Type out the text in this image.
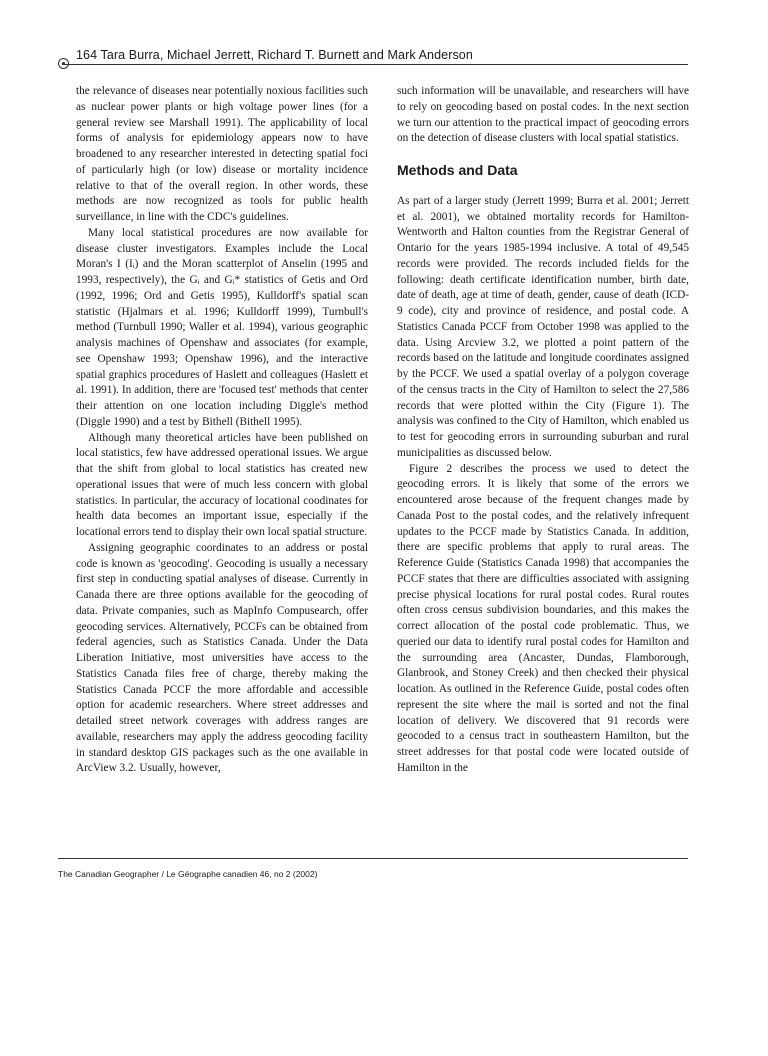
164 Tara Burra, Michael Jerrett, Richard T. Burnett and Mark Anderson

the relevance of diseases near potentially noxious facilities such as nuclear power plants or high voltage power lines (for a general review see Marshall 1991). The applicability of local forms of analysis for epidemiology appears now to have broadened to any researcher interested in detecting spatial foci of particularly high (or low) disease or mortality incidence relative to that of the overall region. In other words, these methods are now recognized as tools for public health surveillance, in line with the CDC's guidelines.

Many local statistical procedures are now available for disease cluster investigators. Examples include the Local Moran's I (Iᵢ) and the Moran scatterplot of Anselin (1995 and 1993, respectively), the Gᵢ and Gᵢ* statistics of Getis and Ord (1992, 1996; Ord and Getis 1995), Kulldorff's spatial scan statistic (Hjalmars et al. 1996; Kulldorff 1999), Turnbull's method (Turnbull 1990; Waller et al. 1994), various geographic analysis machines of Openshaw and associates (for example, see Openshaw 1993; Openshaw 1996), and the interactive spatial graphics procedures of Haslett and colleagues (Haslett et al. 1991). In addition, there are 'focused test' methods that center their attention on one location including Diggle's method (Diggle 1990) and a test by Bithell (Bithell 1995).

Although many theoretical articles have been published on local statistics, few have addressed operational issues. We argue that the shift from global to local statistics has created new operational issues that were of much less concern with global statistics. In particular, the accuracy of locational coodinates for health data becomes an important issue, especially if the locational errors tend to display their own local spatial structure.

Assigning geographic coordinates to an address or postal code is known as 'geocoding'. Geocoding is usually a necessary first step in conducting spatial analyses of disease. Currently in Canada there are three options available for the geocoding of data. Private companies, such as MapInfo Compusearch, offer geocoding services. Alternatively, PCCFs can be obtained from federal agencies, such as Statistics Canada. Under the Data Liberation Initiative, most universities have access to the Statistics Canada files free of charge, thereby making the Statistics Canada PCCF the more affordable and accessible option for academic researchers. Where street addresses and detailed street network coverages with address ranges are available, researchers may apply the address geocoding facility in standard desktop GIS packages such as the one available in ArcView 3.2. Usually, however,

such information will be unavailable, and researchers will have to rely on geocoding based on postal codes. In the next section we turn our attention to the practical impact of geocoding errors on the detection of disease clusters with local spatial statistics.

Methods and Data

As part of a larger study (Jerrett 1999; Burra et al. 2001; Jerrett et al. 2001), we obtained mortality records for Hamilton-Wentworth and Halton counties from the Registrar General of Ontario for the years 1985-1994 inclusive. A total of 49,545 records were provided. The records included fields for the following: death certificate identification number, birth date, date of death, age at time of death, gender, cause of death (ICD-9 code), city and province of residence, and postal code. A Statistics Canada PCCF from October 1998 was applied to the data. Using Arcview 3.2, we plotted a point pattern of the records based on the latitude and longitude coordinates assigned by the PCCF. We used a spatial overlay of a polygon coverage of the census tracts in the City of Hamilton to select the 27,586 records that were plotted within the City (Figure 1). The analysis was confined to the City of Hamilton, which enabled us to test for geocoding errors in surrounding suburban and rural municipalities as discussed below.

Figure 2 describes the process we used to detect the geocoding errors. It is likely that some of the errors we encountered arose because of the frequent changes made by Canada Post to the postal codes, and the relatively infrequent updates to the PCCF made by Statistics Canada. In addition, there are specific problems that apply to rural areas. The Reference Guide (Statistics Canada 1998) that accompanies the PCCF states that there are difficulties associated with assigning precise physical locations for rural postal codes. Rural routes often cross census subdivision boundaries, and this makes the correct allocation of the postal code problematic. Thus, we queried our data to identify rural postal codes for Hamilton and the surrounding area (Ancaster, Dundas, Flamborough, Glanbrook, and Stoney Creek) and then checked their physical location. As outlined in the Reference Guide, postal codes often represent the site where the mail is sorted and not the final location of delivery. We discovered that 91 records were geocoded to a census tract in southeastern Hamilton, but the street addresses for that postal code were located outside of Hamilton in the

The Canadian Geographer / Le Géographe canadien 46, no 2 (2002)
